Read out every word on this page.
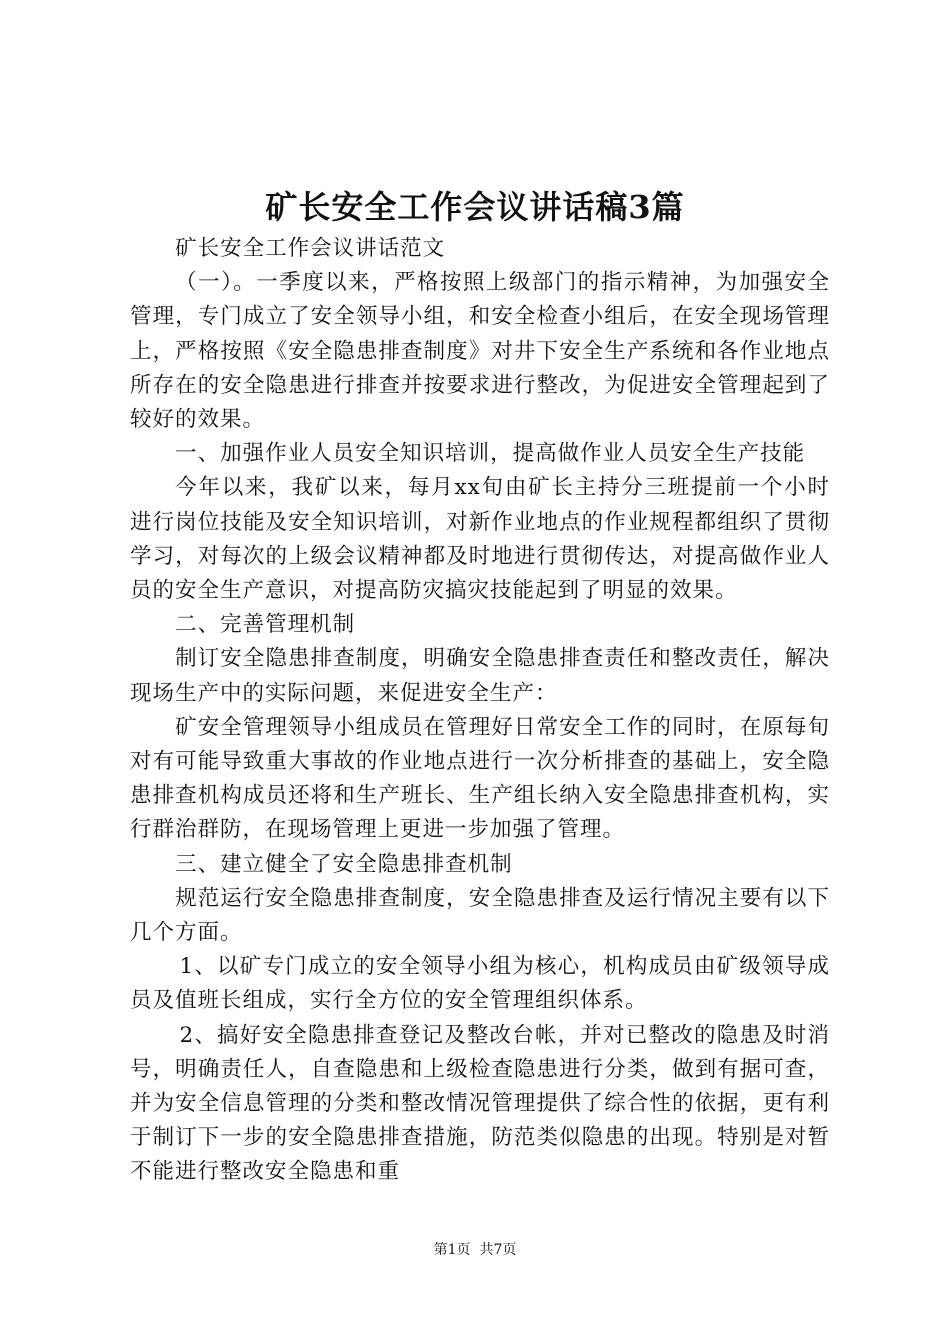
矿长安全工作会议讲话稿3篇

矿长安全工作会议讲话范文

（一）。一季度以来，严格按照上级部门的指示精神，为加强安全管理，专门成立了安全领导小组，和安全检查小组后，在安全现场管理上，严格按照《安全隐患排查制度》对井下安全生产系统和各作业地点所存在的安全隐患进行排查并按要求进行整改，为促进安全管理起到了较好的效果。

一、加强作业人员安全知识培训，提高做作业人员安全生产技能

今年以来，我矿以来，每月xx旬由矿长主持分三班提前一个小时进行岗位技能及安全知识培训，对新作业地点的作业规程都组织了贯彻学习，对每次的上级会议精神都及时地进行贯彻传达，对提高做作业人员的安全生产意识，对提高防灾搞灾技能起到了明显的效果。

二、完善管理机制

制订安全隐患排查制度，明确安全隐患排查责任和整改责任，解决现场生产中的实际问题，来促进安全生产：

矿安全管理领导小组成员在管理好日常安全工作的同时，在原每旬对有可能导致重大事故的作业地点进行一次分析排查的基础上，安全隐患排查机构成员还将和生产班长、生产组长纳入安全隐患排查机构，实行群治群防，在现场管理上更进一步加强了管理。

三、建立健全了安全隐患排查机制

规范运行安全隐患排查制度，安全隐患排查及运行情况主要有以下几个方面。

1、以矿专门成立的安全领导小组为核心，机构成员由矿级领导成员及值班长组成，实行全方位的安全管理组织体系。

2、搞好安全隐患排查登记及整改台帐，并对已整改的隐患及时消号，明确责任人，自查隐患和上级检查隐患进行分类，做到有据可查，并为安全信息管理的分类和整改情况管理提供了综合性的依据，更有利于制订下一步的安全隐患排查措施，防范类似隐患的出现。特别是对暂不能进行整改安全隐患和重

第1页 共7页
